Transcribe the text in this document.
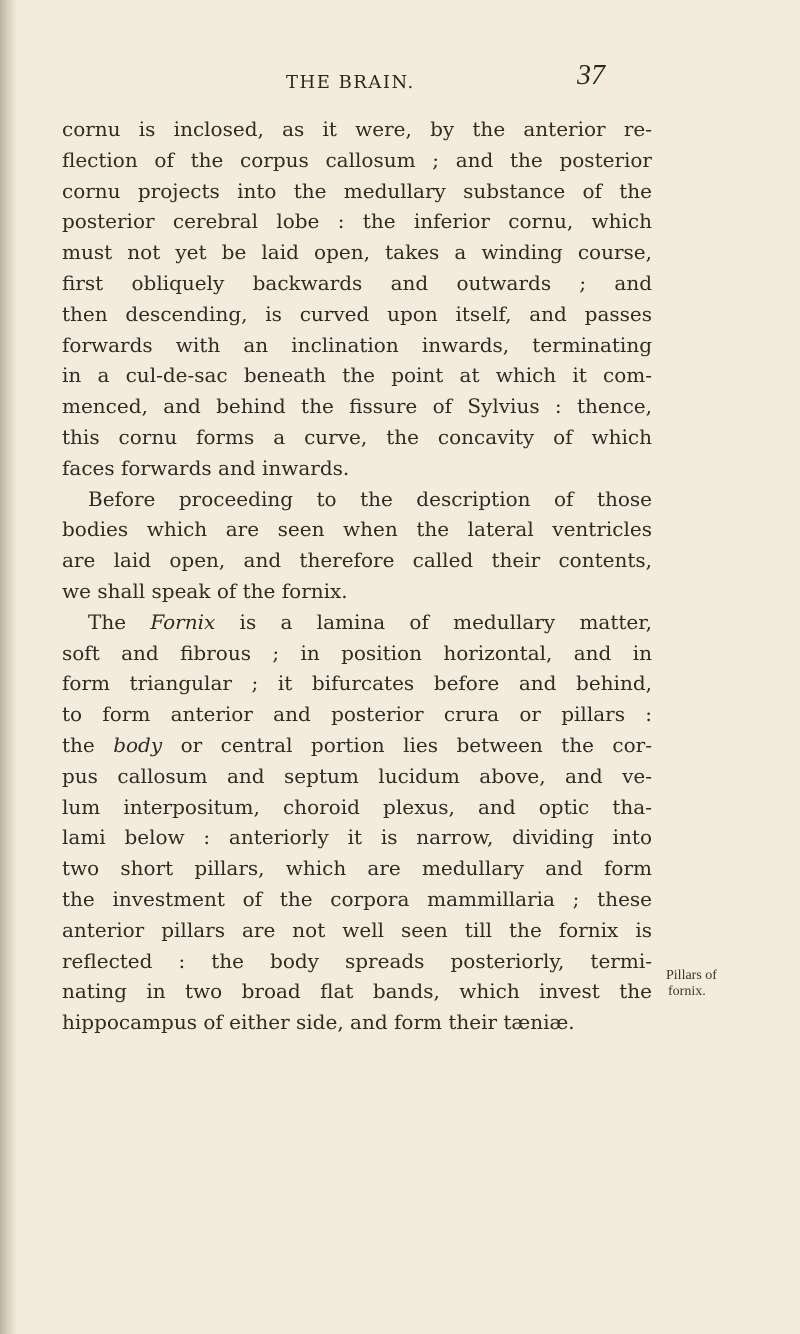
THE BRAIN.	37
cornu is inclosed, as it were, by the anterior re-
flection of the corpus callosum ; and the posterior
cornu projects into the medullary substance of the
posterior cerebral lobe : the inferior cornu, which
must not yet be laid open, takes a winding course,
first obliquely backwards and outwards ; and
then descending, is curved upon itself, and passes
forwards with an inclination inwards, terminating
in a cul-de-sac beneath the point at which it com-
menced, and behind the fissure of Sylvius : thence,
this cornu forms a curve, the concavity of which
faces forwards and inwards.
Before proceeding to the description of those
bodies which are seen when the lateral ventricles
are laid open, and therefore called their contents,
we shall speak of the fornix.
The Fornix is a lamina of medullary matter,
soft and fibrous ; in position horizontal, and in
form triangular ; it bifurcates before and behind,
to form anterior and posterior crura or pillars :
the body or central portion lies between the cor-
pus callosum and septum lucidum above, and ve-
lum interpositum, choroid plexus, and optic tha-
lami below : anteriorly it is narrow, dividing into
two short pillars, which are medullary and form
the investment of the corpora mammillaria ; these
anterior pillars are not well seen till the fornix is
reflected : the body spreads posteriorly, termi-
nating in two broad flat bands, which invest the
hippocampus of either side, and form their tæniæ.
Pillars of
fornix.
